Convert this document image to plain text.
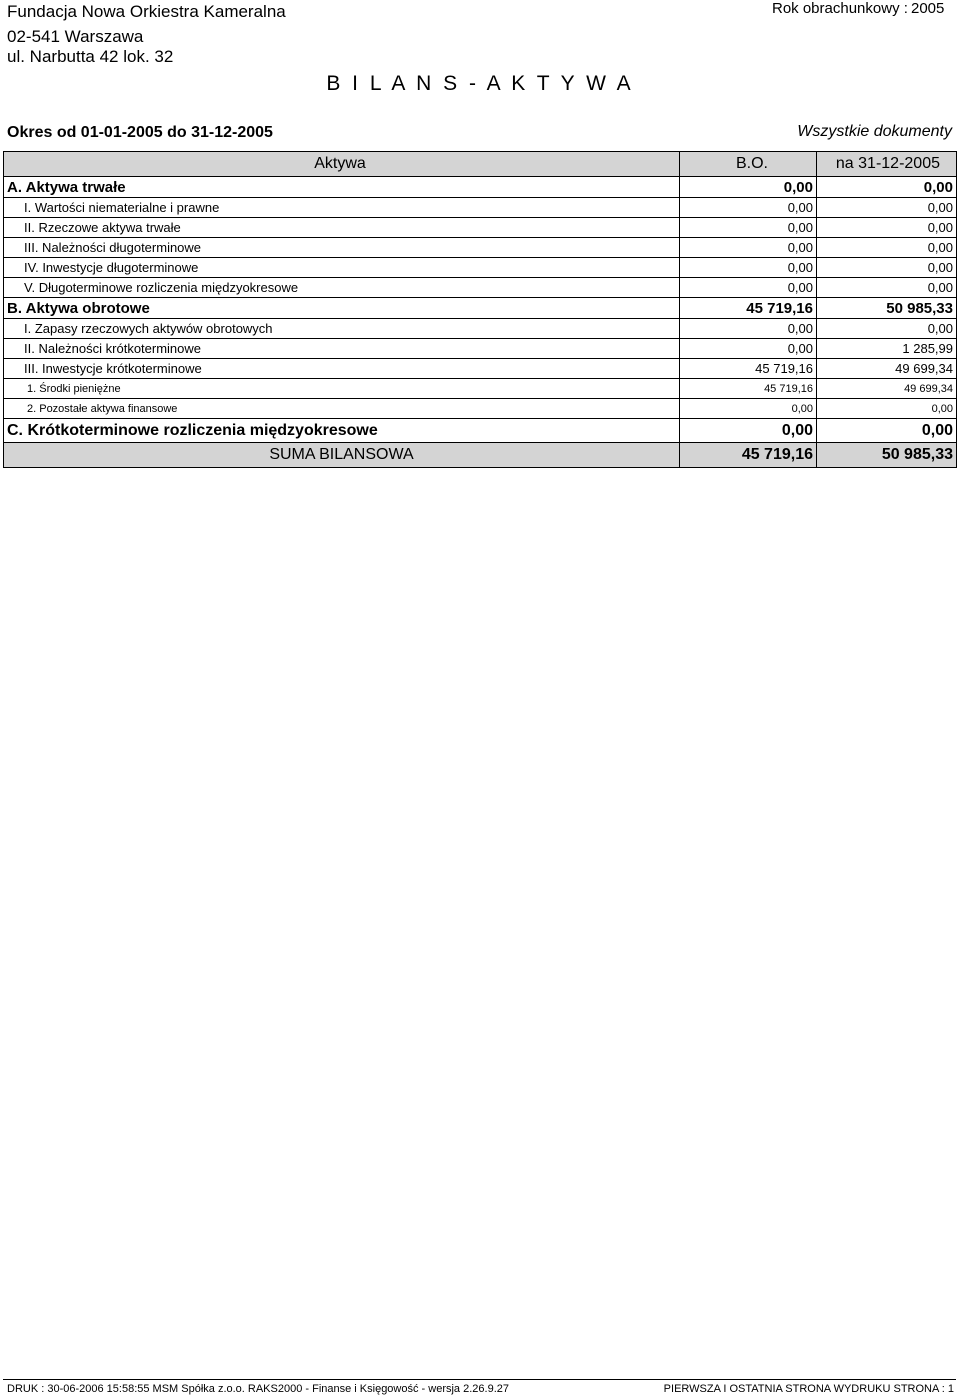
Fundacja Nowa Orkiestra Kameralna
02-541 Warszawa
ul. Narbutta 42 lok. 32
Rok obrachunkowy : 2005
B I L A N S - A K T Y W A
Okres od 01-01-2005 do 31-12-2005	Wszystkie dokumenty
Aktywa	B.O.	na 31-12-2005
A. Aktywa trwałe	0,00	0,00
I. Wartości niematerialne i prawne	0,00	0,00
II. Rzeczowe aktywa trwałe	0,00	0,00
III. Należności długoterminowe	0,00	0,00
IV. Inwestycje długoterminowe	0,00	0,00
V. Długoterminowe rozliczenia międzyokresowe	0,00	0,00
B. Aktywa obrotowe	45 719,16	50 985,33
I. Zapasy rzeczowych aktywów obrotowych	0,00	0,00
II. Należności krótkoterminowe	0,00	1 285,99
III. Inwestycje krótkoterminowe	45 719,16	49 699,34
1. Środki pieniężne	45 719,16	49 699,34
2. Pozostałe aktywa finansowe	0,00	0,00
C. Krótkoterminowe rozliczenia międzyokresowe	0,00	0,00
SUMA BILANSOWA	45 719,16	50 985,33
DRUK : 30-06-2006 15:58:55 MSM Spółka z.o.o. RAKS2000 - Finanse i Księgowość - wersja 2.26.9.27	PIERWSZA I OSTATNIA STRONA WYDRUKU STRONA : 1
